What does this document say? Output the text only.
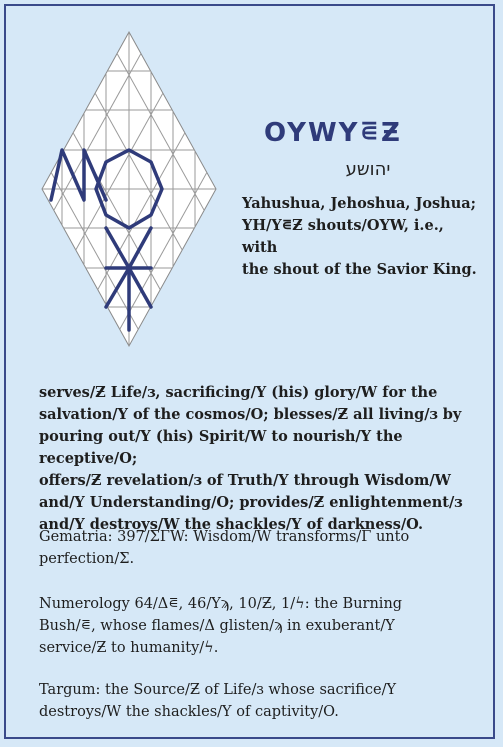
OYWY⋷Ƶ
יהושע
Yahushua, Jehoshua, Joshua;
YH/Y⋷Ƶ shouts/OYW, i.e., with
the shout of the Savior King.
serves/Ƶ Life/ɜ, sacrificing/Y (his) glory/W for the
salvation/Y of the cosmos/O; blesses/Ƶ all living/ɜ by
pouring out/Y (his) Spirit/W to nourish/Y the receptive/O;
offers/Ƶ revelation/ɜ of Truth/Y through Wisdom/W
and/Y Understanding/O; provides/Ƶ enlightenment/ɜ
and/Y destroys/W the shackles/Y of darkness/O.
Gematria: 397/ΣΓW: Wisdom/W transforms/Γ unto
perfection/Σ.
Numerology 64/Δ⋷, 46/Yϡ, 10/Ƶ, 1/ϟ: the Burning
Bush/⋷, whose flames/Δ glisten/ϡ in exuberant/Y
service/Ƶ to humanity/ϟ.
Targum: the Source/Ƶ of Life/ɜ whose sacrifice/Y
destroys/W the shackles/Y of captivity/O.
